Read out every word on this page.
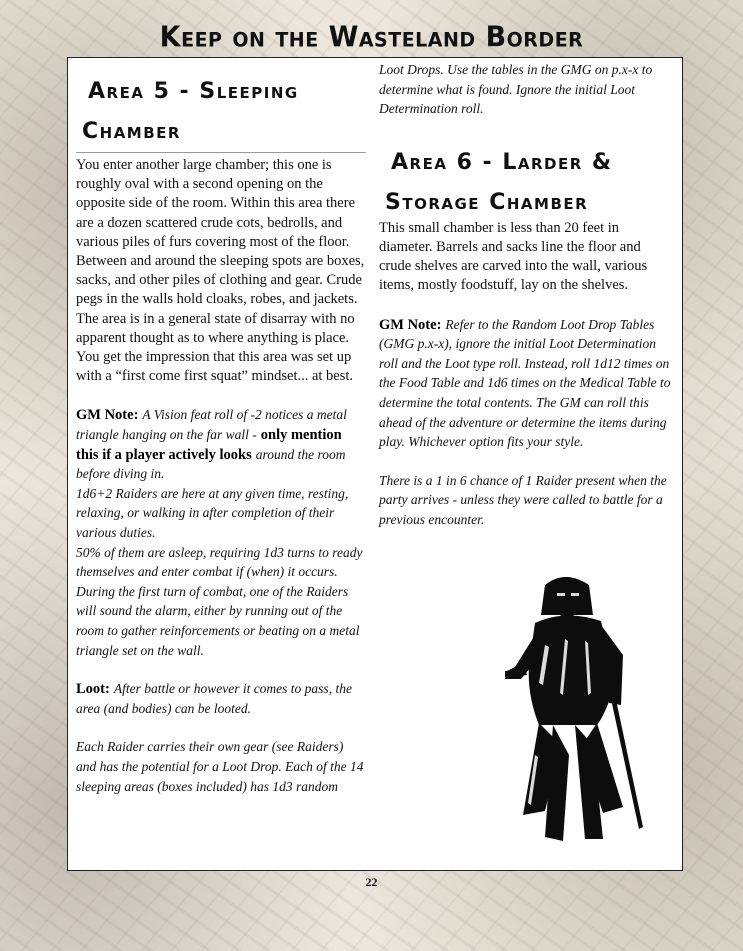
Keep on the Wasteland Border
Area 5 - Sleeping
Chamber

You enter another large chamber; this one is roughly oval with a second opening on the opposite side of the room. Within this area there are a dozen scattered crude cots, bedrolls, and various piles of furs covering most of the floor. Between and around the sleeping spots are boxes, sacks, and other piles of clothing and gear. Crude pegs in the walls hold cloaks, robes, and jackets. The area is in a general state of disarray with no apparent thought as to where anything is place. You get the impression that this area was set up with a “first come first squat” mindset... at best.

GM Note: A Vision feat roll of -2 notices a metal triangle hanging on the far wall - only mention this if a player actively looks around the room before diving in.

1d6+2 Raiders are here at any given time, resting, relaxing, or walking in after completion of their various duties.

50% of them are asleep, requiring 1d3 turns to ready themselves and enter combat if (when) it occurs.

During the first turn of combat, one of the Raiders will sound the alarm, either by running out of the room to gather reinforcements or beating on a metal triangle set on the wall.

Loot: After battle or however it comes to pass, the area (and bodies) can be looted.

Each Raider carries their own gear (see Raiders) and has the potential for a Loot Drop. Each of the 14 sleeping areas (boxes included) has 1d3 random

Loot Drops. Use the tables in the GMG on p.x-x to determine what is found. Ignore the initial Loot Determination roll.

Area 6 - Larder &
Storage Chamber

This small chamber is less than 20 feet in diameter. Barrels and sacks line the floor and crude shelves are carved into the wall, various items, mostly foodstuff, lay on the shelves.

GM Note: Refer to the Random Loot Drop Tables (GMG p.x-x), ignore the initial Loot Determination roll and the Loot type roll. Instead, roll 1d12 times on the Food Table and 1d6 times on the Medical Table to determine the total contents. The GM can roll this ahead of the adventure or determine the items during play. Whichever option fits your style.

There is a 1 in 6 chance of 1 Raider present when the party arrives - unless they were called to battle for a previous encounter.

22
